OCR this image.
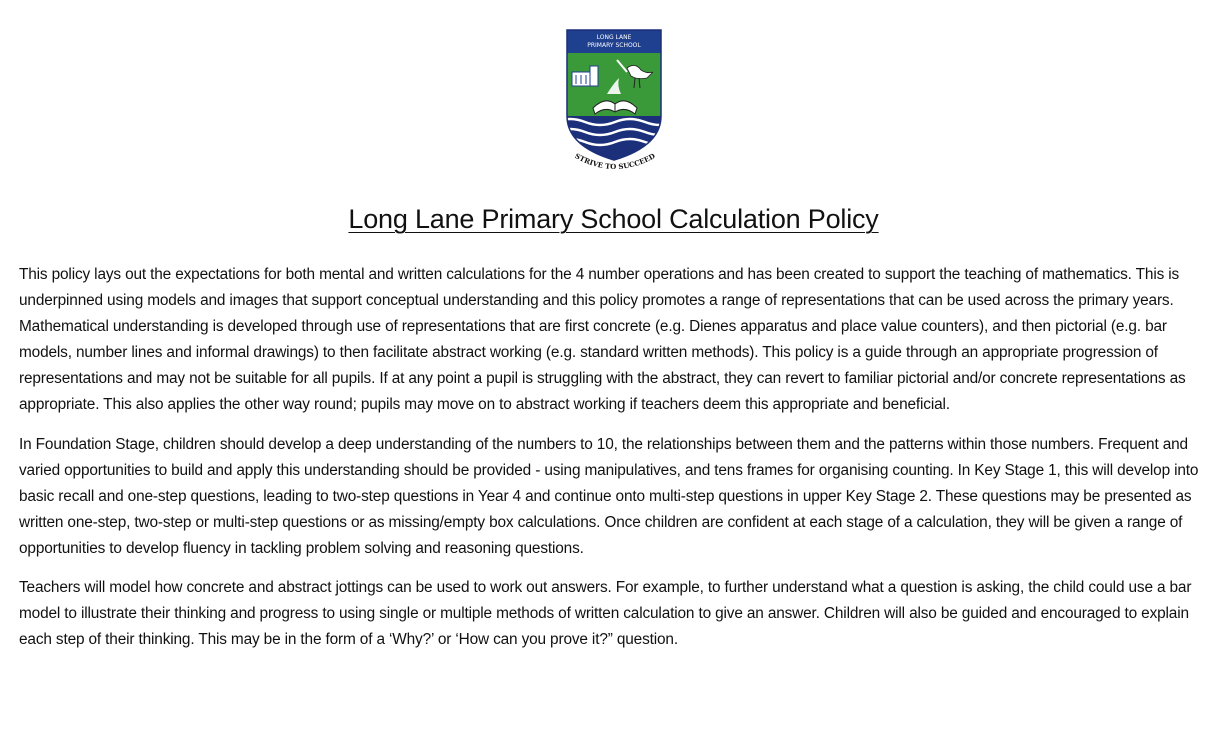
LONG LANE
PRIMARY SCHOOL
STRIVE TO SUCCEED
Long Lane Primary School Calculation Policy

This policy lays out the expectations for both mental and written calculations for the 4 number operations and has been created to support the teaching of mathematics. This is underpinned using models and images that support conceptual understanding and this policy promotes a range of representations that can be used across the primary years. Mathematical understanding is developed through use of representations that are first concrete (e.g. Dienes apparatus and place value counters), and then pictorial (e.g. bar models, number lines and informal drawings) to then facilitate abstract working (e.g. standard written methods). This policy is a guide through an appropriate progression of representations and may not be suitable for all pupils. If at any point a pupil is struggling with the abstract, they can revert to familiar pictorial and/or concrete representations as appropriate. This also applies the other way round; pupils may move on to abstract working if teachers deem this appropriate and beneficial.

In Foundation Stage, children should develop a deep understanding of the numbers to 10, the relationships between them and the patterns within those numbers. Frequent and varied opportunities to build and apply this understanding should be provided - using manipulatives, and tens frames for organising counting. In Key Stage 1, this will develop into basic recall and one-step questions, leading to two-step questions in Year 4 and continue onto multi-step questions in upper Key Stage 2. These questions may be presented as written one-step, two-step or multi-step questions or as missing/empty box calculations. Once children are confident at each stage of a calculation, they will be given a range of opportunities to develop fluency in tackling problem solving and reasoning questions.

Teachers will model how concrete and abstract jottings can be used to work out answers. For example, to further understand what a question is asking, the child could use a bar model to illustrate their thinking and progress to using single or multiple methods of written calculation to give an answer. Children will also be guided and encouraged to explain each step of their thinking. This may be in the form of a ‘Why?’ or ‘How can you prove it?” question.
